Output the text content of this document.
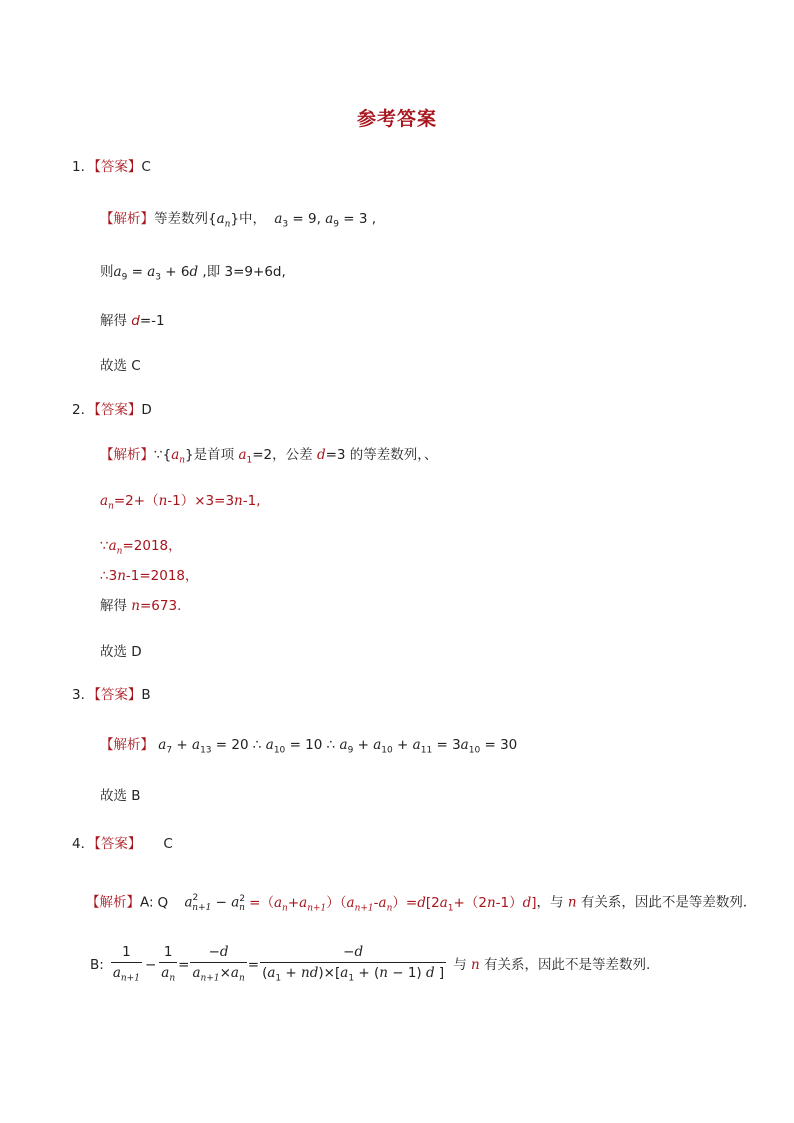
参考答案
1．【答案】C
【解析】等差数列$\{a_n\}$中， $a_3 = 9$, $a_9 = 3$ ,
则$a_9 = a_3 + 6d$ ,即 3=9+6d,
解得 d=-1
故选 C
2．【答案】D
【解析】$\because\{a_n\}$是首项 $a_1=2$，公差 d=3 的等差数列，、
$a_n=2+(n-1)\times 3=3n-1$,
$\because a_n=2018$，
∴3n-1=2018，
解得 n=673．
故选 D
3．【答案】B
【解析】 $a_7 + a_{13} = 20$ ∴ $a_{10} = 10$ ∴ $a_9 + a_{10} + a_{11} = 3a_{10} = 30$
故选 B
4．【答案】 C
【解析】A: Q $a^2_{n+1} - a^2_n =(a_n+a_{n+1})(a_{n+1}-a_n)=d[2a_1+(2n-1)d]$，与 n 有关系，因此不是等差数列．
B: $\frac{1}{a_{n+1}} - \frac{1}{a_n} = \frac{-d}{a_{n+1}\times a_n} = \frac{-d}{(a_1 + nd)\times[a_1 + (n - 1) d ]}$ 与 n 有关系，因此不是等差数列.
